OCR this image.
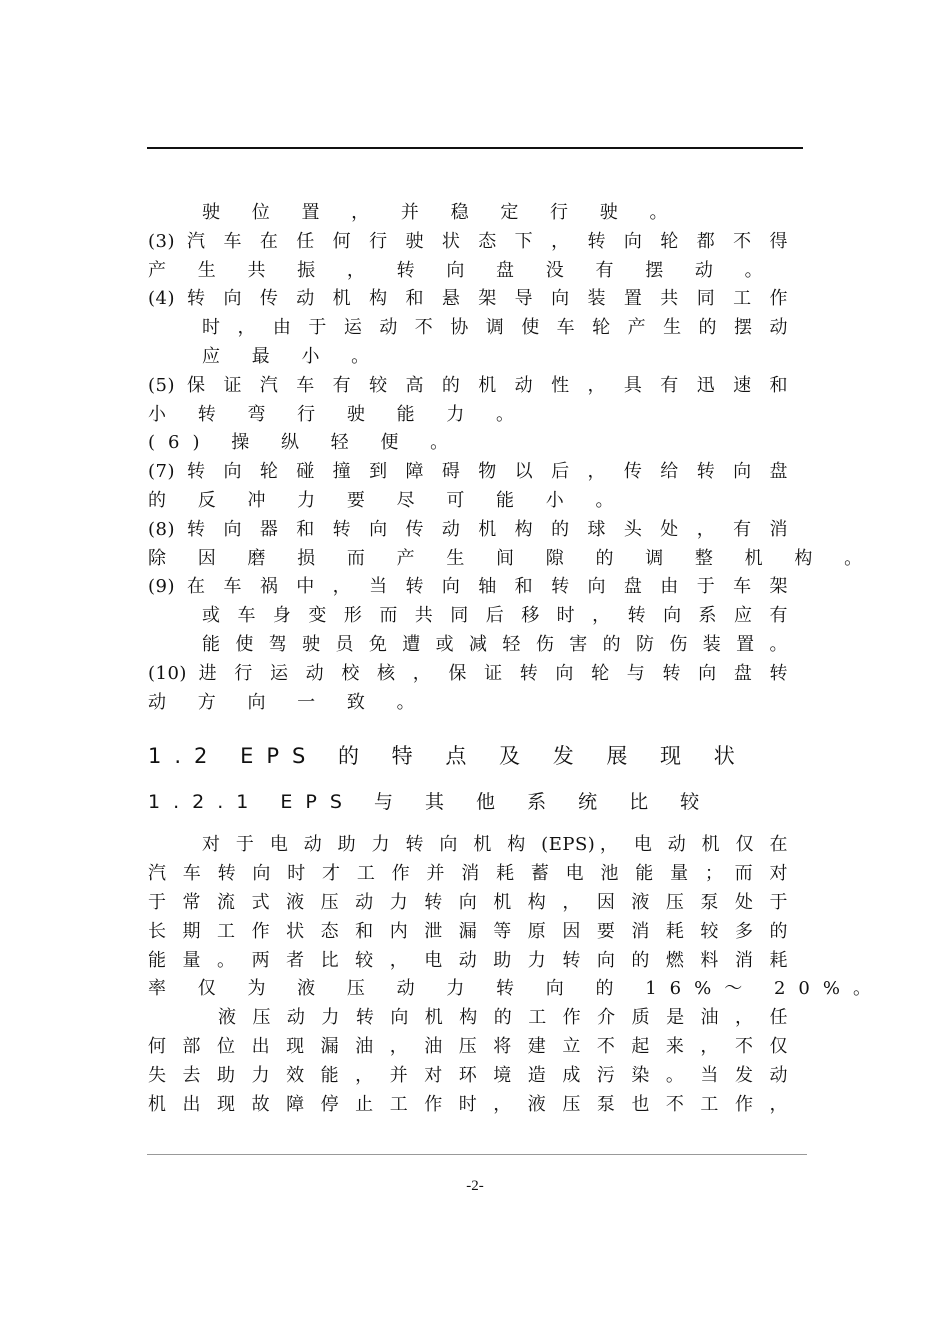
驶 位 置 ， 并 稳 定 行 驶 。
(3) 汽 车 在 任 何 行 驶 状 态 下 ， 转 向 轮 都 不 得
产 生 共 振 ， 转 向 盘 没 有 摆 动 。
(4) 转 向 传 动 机 构 和 悬 架 导 向 装 置 共 同 工 作
时 ， 由 于 运 动 不 协 调 使 车 轮 产 生 的 摆 动
应 最 小 。
(5) 保 证 汽 车 有 较 高 的 机 动 性 ， 具 有 迅 速 和
小 转 弯 行 驶 能 力 。
(6) 操 纵 轻 便 。
(7) 转 向 轮 碰 撞 到 障 碍 物 以 后 ， 传 给 转 向 盘
的 反 冲 力 要 尽 可 能 小 。
(8) 转 向 器 和 转 向 传 动 机 构 的 球 头 处 ， 有 消
除 因 磨 损 而 产 生 间 隙 的 调 整 机 构 。
(9) 在 车 祸 中 ， 当 转 向 轴 和 转 向 盘 由 于 车 架
或 车 身 变 形 而 共 同 后 移 时 ， 转 向 系 应 有
能 使 驾 驶 员 免 遭 或 减 轻 伤 害 的 防 伤 装 置 。
(10) 进 行 运 动 校 核 ， 保 证 转 向 轮 与 转 向 盘 转
动 方 向 一 致 。
1.2 EPS 的 特 点 及 发 展 现 状
1.2.1 EPS 与 其 他 系 统 比 较
对 于 电 动 助 力 转 向 机 构 (EPS)， 电 动 机 仅 在
汽 车 转 向 时 才 工 作 并 消 耗 蓄 电 池 能 量 ； 而 对
于 常 流 式 液 压 动 力 转 向 机 构 ， 因 液 压 泵 处 于
长 期 工 作 状 态 和 内 泄 漏 等 原 因 要 消 耗 较 多 的
能 量 。 两 者 比 较 ， 电 动 助 力 转 向 的 燃 料 消 耗
率 仅 为 液 压 动 力 转 向 的 16%～ 20%。
液 压 动 力 转 向 机 构 的 工 作 介 质 是 油 ， 任
何 部 位 出 现 漏 油 ， 油 压 将 建 立 不 起 来 ， 不 仅
失 去 助 力 效 能 ， 并 对 环 境 造 成 污 染 。 当 发 动
机 出 现 故 障 停 止 工 作 时 ， 液 压 泵 也 不 工 作 ，
-2-
